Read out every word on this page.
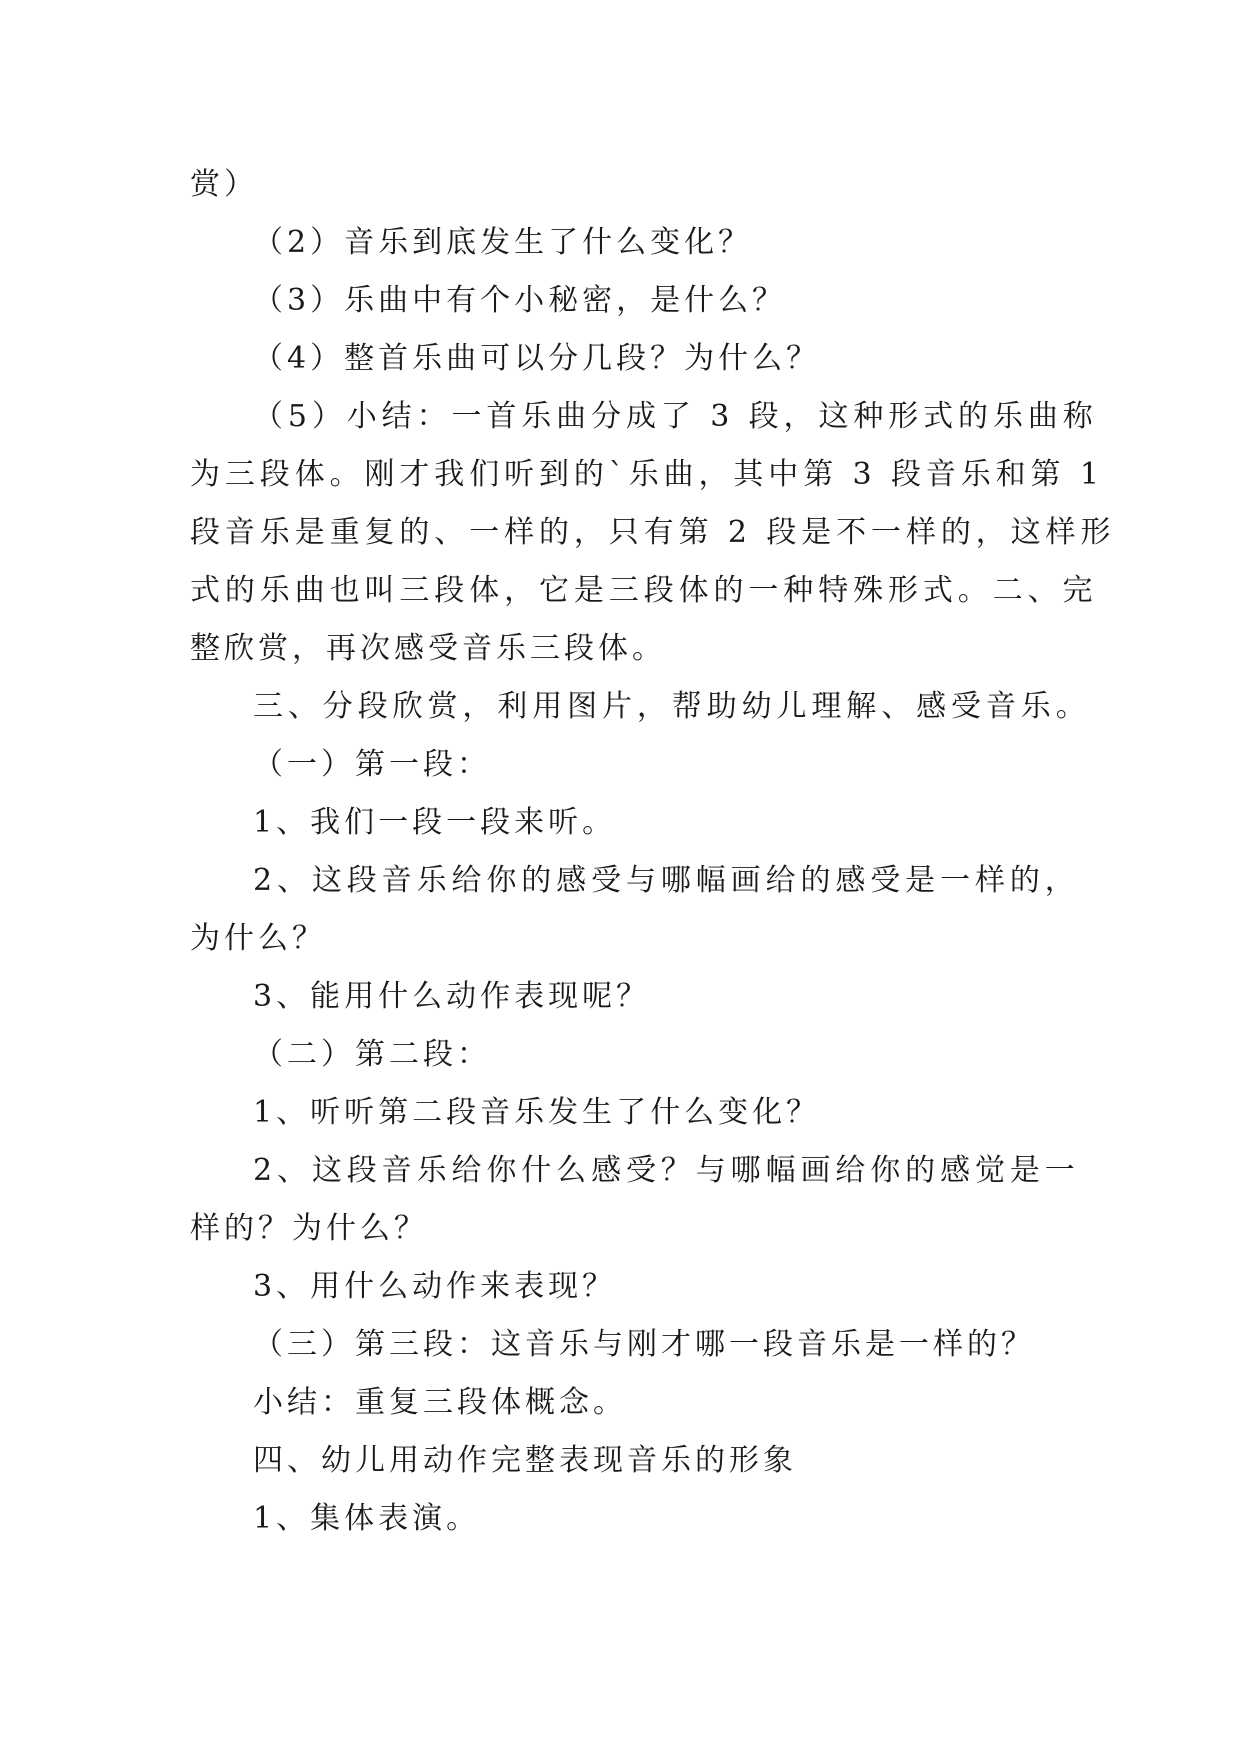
赏）
（2）音乐到底发生了什么变化？
（3）乐曲中有个小秘密，是什么？
（4）整首乐曲可以分几段？为什么？
（5）小结：一首乐曲分成了 3 段，这种形式的乐曲称
为三段体。刚才我们听到的`乐曲，其中第 3 段音乐和第 1
段音乐是重复的、一样的，只有第 2 段是不一样的，这样形
式的乐曲也叫三段体，它是三段体的一种特殊形式。二、完
整欣赏，再次感受音乐三段体。
三、分段欣赏，利用图片，帮助幼儿理解、感受音乐。
（一）第一段：
1、我们一段一段来听。
2、这段音乐给你的感受与哪幅画给的感受是一样的，
为什么？
3、能用什么动作表现呢？
（二）第二段：
1、听听第二段音乐发生了什么变化？
2、这段音乐给你什么感受？与哪幅画给你的感觉是一
样的？为什么？
3、用什么动作来表现？
（三）第三段：这音乐与刚才哪一段音乐是一样的？
小结：重复三段体概念。
四、幼儿用动作完整表现音乐的形象
1、集体表演。
